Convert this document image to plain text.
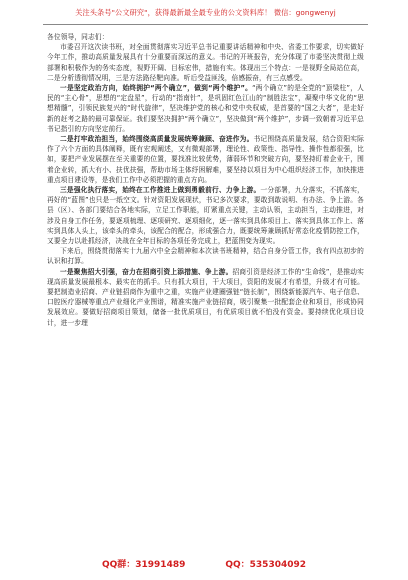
关注头条号"公文研究"，获得最新最全最专业的公文资料库！ 微信：gongwenyj

各位领导，同志们：

市委召开这次读书班，对全面贯彻落实习近平总书记重要讲话精神和中央、省委工作要求，切实做好今年工作，推动高质量发展具有十分重要而深远的意义。书记的开班报告，充分体现了市委坚决贯彻上级部署和积极作为的务实态度，视野开阔、目标宏伟，措施有实。体现出三个特点：一是视野全局站位高，二是分析透彻情况明，三是方法路径靶向准。听后受益匪浅，倍感振奋，有三点感受。

一是坚定政治方向，始终拥护“两个确立”，做到“两个维护”。“两个确立”的是全党的“顶梁柱”，人民的“主心骨”，思想的“定盘星”，行动的“指南针”，是巩固红色江山的“制胜法宝”，凝聚中华文化的“思想精髓”，引领民族复兴的“时代旋律”，坚决维护党的核心和党中央权威，是首要的“国之大者”，是走好新的赶考之路的最可靠保证。我们要坚决拥护“两个确立”，坚决做到“两个维护”，步调一致朝着习近平总书记指引的方向坚定前行。

二是打牢政治担当，始终围绕高质量发展统筹兼顾、奋进作为。书记围绕高质量发展，结合资阳实际作了六个方面的具体阐释，既有宏观阐述，又有微观部署，理论性、政策性、指导性、操作性都很强，比如，要把产业发展摆在至关重要的位置，要找准比较优势，薄弱环节和突破方向，要坚持盯着企业干，围着企业转，抓大有小、扶优扶强，帮助市场主体纾困解难，要坚持以项目为中心组织经济工作，加快推进重点项目建设等，是我们工作中必须把握的重点方向。

三是强化执行落实，始终在工作推进上做到勇毅前行、力争上游。一分部署，九分落实，不抓落实，再好的“蓝图”也只是一纸空文。针对资阳发展现状，书记多次要求，要敢到敢说明、有办法、争上游。各县（区）、各部门要结合各地实际，立足工作职能，盯紧重点关键，主动认领，主动担当，主动推进，对涉及自身工作任务，要逐项梳理、逐项研究、逐项细化，逐一落实到具体项目上、落实到具体工作上、落实到具体人头上，该牵头的牵头，该配合的配合，形成强合力，既要统筹兼顾抓好常态化疫情防控工作，又要全力以赴抓经济，决战在全年目标的各项任务完成上，把蓝图变为现实。

下来后，围绕贯彻落实十九届六中全会精神和本次读书班精神，结合自身分管工作，我有四点初步的认识和打算。

一是聚焦招大引强，奋力在招商引资上添措施、争上游。招商引资是经济工作的“生命线”，是推动实现高质量发展最根本、最实在的抓手。只有抓大项目，干大项目，资阳的发展才有希望，升级才有可能。要把制造业招商、产业链招商作为重中之重，实施产业建圈强链“链长制”，围绕新能源汽车、电子信息、口腔医疗器械等重点产业细化产业图谱，精准实施产业链招商，吸引聚集一批配套企业和项目，形成协同发展效应。要做好招商项目策划，储备一批优质项目，有优质项目就不怕没有资金。要持续优化项目设计，进一步理

QQ群：31991489	QQ：535304092
